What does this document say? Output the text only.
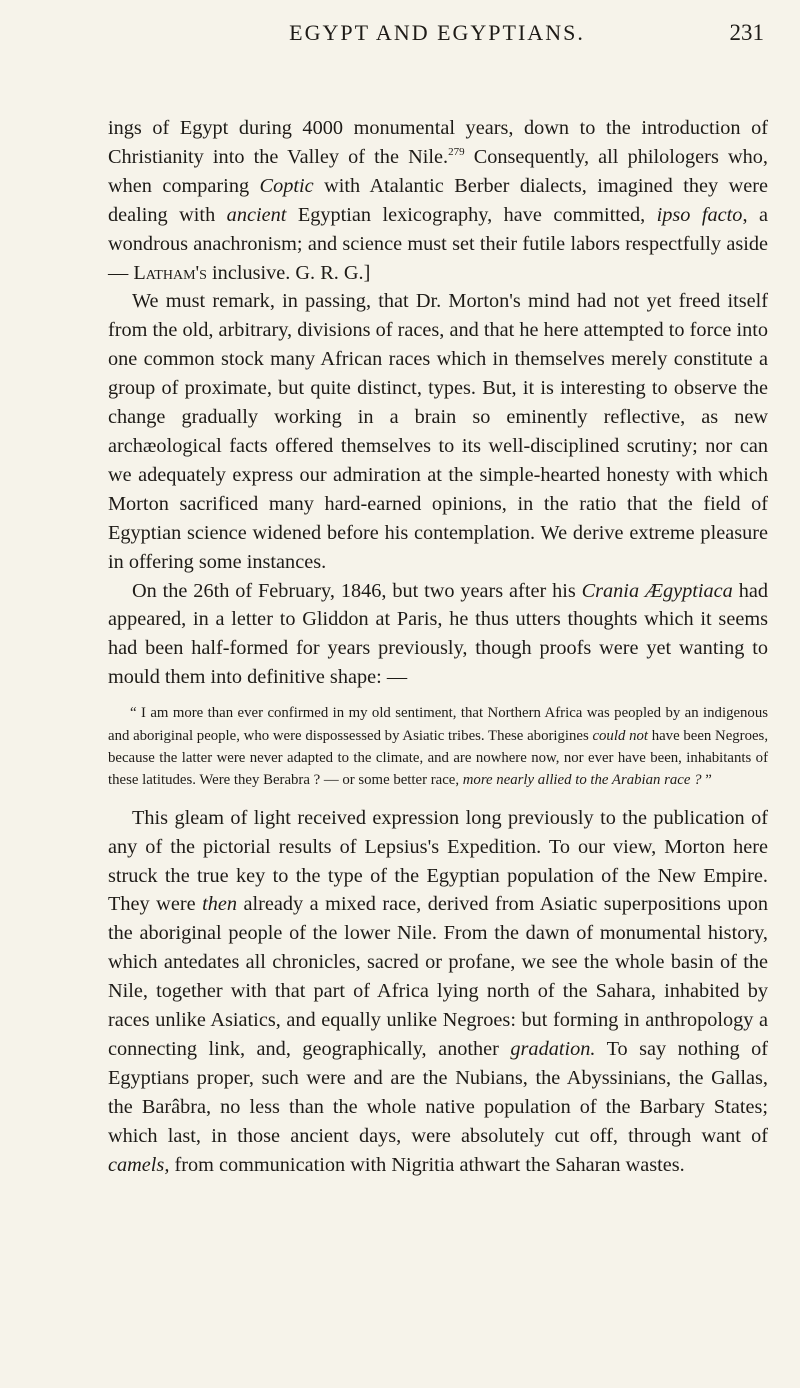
EGYPT AND EGYPTIANS.	231

ings of Egypt during 4000 monumental years, down to the introduction of Christianity into the Valley of the Nile.$^{279}$ Consequently, all philologers who, when comparing Coptic with Atalantic Berber dialects, imagined they were dealing with ancient Egyptian lexicography, have committed, ipso facto, a wondrous anachronism; and science must set their futile labors respectfully aside — Latham's inclusive. G. R. G.]

We must remark, in passing, that Dr. Morton's mind had not yet freed itself from the old, arbitrary, divisions of races, and that he here attempted to force into one common stock many African races which in themselves merely constitute a group of proximate, but quite distinct, types. But, it is interesting to observe the change gradually working in a brain so eminently reflective, as new archæological facts offered themselves to its well-disciplined scrutiny; nor can we adequately express our admiration at the simple-hearted honesty with which Morton sacrificed many hard-earned opinions, in the ratio that the field of Egyptian science widened before his contemplation. We derive extreme pleasure in offering some instances.

On the 26th of February, 1846, but two years after his Crania Ægyptiaca had appeared, in a letter to Gliddon at Paris, he thus utters thoughts which it seems had been half-formed for years previously, though proofs were yet wanting to mould them into definitive shape: —

“ I am more than ever confirmed in my old sentiment, that Northern Africa was peopled by an indigenous and aboriginal people, who were dispossessed by Asiatic tribes. These aborigines could not have been Negroes, because the latter were never adapted to the climate, and are nowhere now, nor ever have been, inhabitants of these latitudes. Were they Berabra ? — or some better race, more nearly allied to the Arabian race ? ”

This gleam of light received expression long previously to the publication of any of the pictorial results of Lepsius's Expedition. To our view, Morton here struck the true key to the type of the Egyptian population of the New Empire. They were then already a mixed race, derived from Asiatic superpositions upon the aboriginal people of the lower Nile. From the dawn of monumental history, which antedates all chronicles, sacred or profane, we see the whole basin of the Nile, together with that part of Africa lying north of the Sahara, inhabited by races unlike Asiatics, and equally unlike Negroes: but forming in anthropology a connecting link, and, geographically, another gradation. To say nothing of Egyptians proper, such were and are the Nubians, the Abyssinians, the Gallas, the Barâbra, no less than the whole native population of the Barbary States; which last, in those ancient days, were absolutely cut off, through want of camels, from communication with Nigritia athwart the Saharan wastes.
